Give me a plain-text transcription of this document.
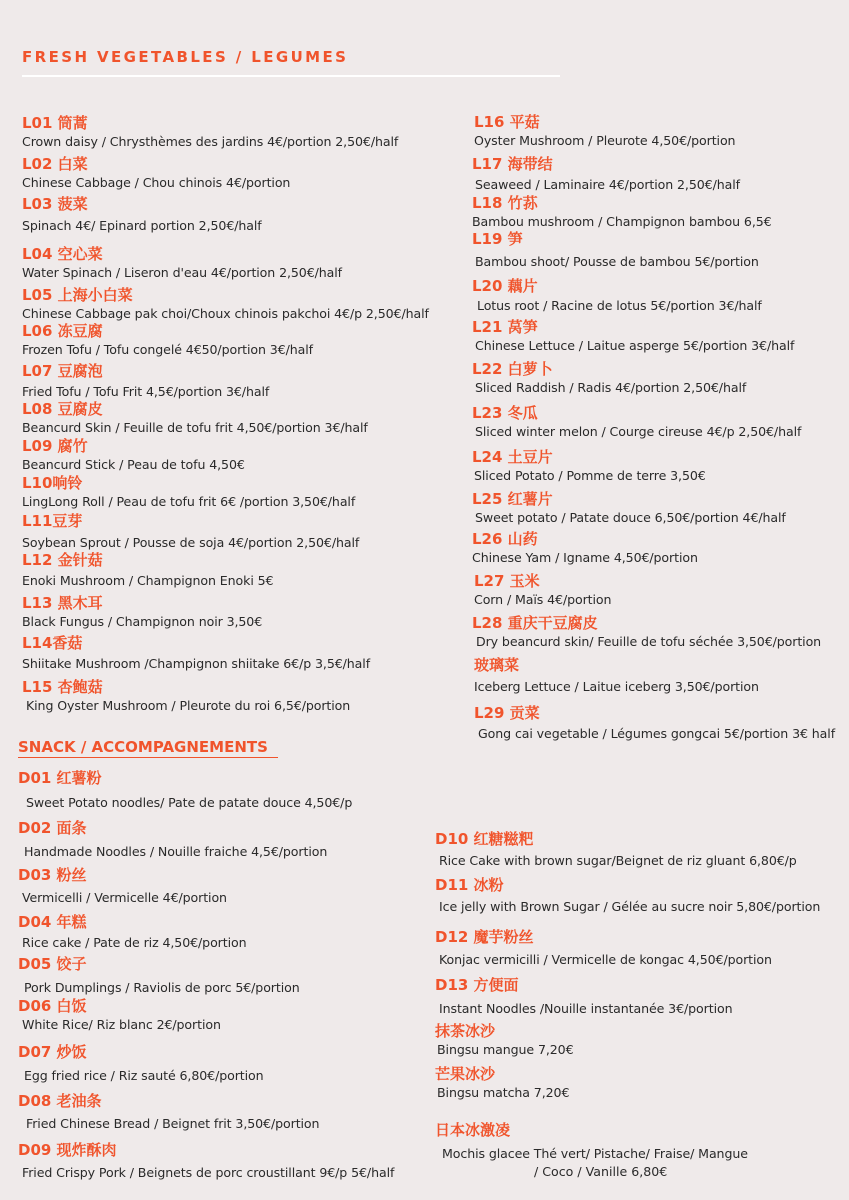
FRESH VEGETABLES / LEGUMES
L01 筒蒿
Crown daisy / Chrysthèmes des jardins 4€/portion 2,50€/half
L02 白菜
Chinese Cabbage / Chou chinois 4€/portion
L03 菠菜
Spinach 4€/ Epinard portion 2,50€/half
L04 空心菜
Water Spinach / Liseron d'eau 4€/portion 2,50€/half
L05 上海小白菜
Chinese Cabbage pak choi/Choux chinois pakchoi 4€/p 2,50€/half
L06 冻豆腐
Frozen Tofu / Tofu congelé 4€50/portion 3€/half
L07 豆腐泡
Fried Tofu / Tofu Frit 4,5€/portion 3€/half
L08 豆腐皮
Beancurd Skin / Feuille de tofu frit 4,50€/portion 3€/half
L09 腐竹
Beancurd Stick / Peau de tofu 4,50€
L10响铃
LingLong Roll / Peau de tofu frit 6€ /portion 3,50€/half
L11豆芽
Soybean Sprout / Pousse de soja 4€/portion 2,50€/half
L12 金针菇
Enoki Mushroom / Champignon Enoki 5€
L13 黑木耳
Black Fungus / Champignon noir 3,50€
L14香菇
Shiitake Mushroom /Champignon shiitake 6€/p 3,5€/half
L15 杏鲍菇
King Oyster Mushroom / Pleurote du roi 6,5€/portion
L16 平菇
Oyster Mushroom / Pleurote 4,50€/portion
L17 海带结
Seaweed / Laminaire 4€/portion 2,50€/half
L18 竹荪
Bambou mushroom / Champignon bambou 6,5€
L19 笋
Bambou shoot/ Pousse de bambou 5€/portion
L20 藕片
Lotus root / Racine de lotus 5€/portion 3€/half
L21 莴笋
Chinese Lettuce / Laitue asperge 5€/portion 3€/half
L22 白萝卜
Sliced Raddish / Radis 4€/portion 2,50€/half
L23 冬瓜
Sliced winter melon / Courge cireuse 4€/p 2,50€/half
L24 土豆片
Sliced Potato / Pomme de terre 3,50€
L25 红薯片
Sweet potato / Patate douce 6,50€/portion 4€/half
L26 山药
Chinese Yam / Igname 4,50€/portion
L27 玉米
Corn / Maïs 4€/portion
L28 重庆干豆腐皮
Dry beancurd skin/ Feuille de tofu séchée 3,50€/portion
玻璃菜
Iceberg Lettuce / Laitue iceberg 3,50€/portion
L29 贡菜
Gong cai vegetable / Légumes gongcai 5€/portion 3€ half
SNACK / ACCOMPAGNEMENTS
D01 红薯粉
Sweet Potato noodles/ Pate de patate douce 4,50€/p
D02 面条
Handmade Noodles / Nouille fraiche 4,5€/portion
D03 粉丝
Vermicelli / Vermicelle 4€/portion
D04 年糕
Rice cake / Pate de riz 4,50€/portion
D05 饺子
Pork Dumplings / Raviolis de porc 5€/portion
D06 白饭
White Rice/ Riz blanc 2€/portion
D07 炒饭
Egg fried rice / Riz sauté 6,80€/portion
D08 老油条
Fried Chinese Bread / Beignet frit 3,50€/portion
D09 现炸酥肉
Fried Crispy Pork / Beignets de porc croustillant 9€/p 5€/half
D10 红糖糍粑
Rice Cake with brown sugar/Beignet de riz gluant 6,80€/p
D11 冰粉
Ice jelly with Brown Sugar / Gélée au sucre noir 5,80€/portion
D12 魔芋粉丝
Konjac vermicilli / Vermicelle de kongac 4,50€/portion
D13 方便面
Instant Noodles /Nouille instantanée 3€/portion
抹茶冰沙
Bingsu mangue 7,20€
芒果冰沙
Bingsu matcha 7,20€
日本冰激凌
Mochis glacee Thé vert/ Pistache/ Fraise/ Mangue
/ Coco / Vanille 6,80€
